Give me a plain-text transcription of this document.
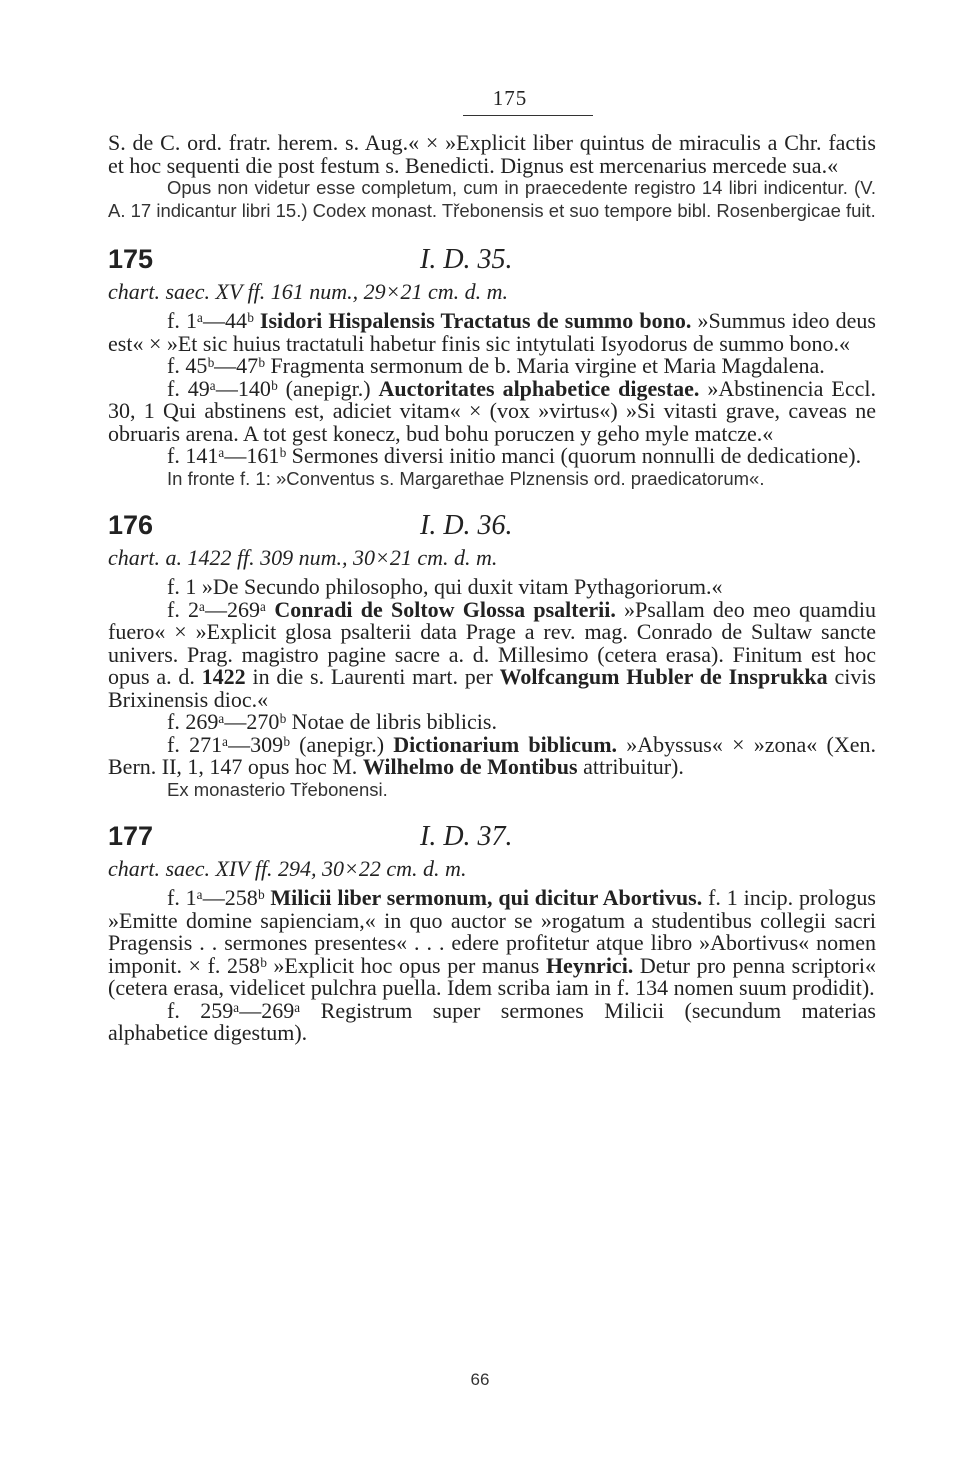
175

S. de C. ord. fratr. herem. s. Aug.« × »Explicit liber quintus de miraculis a Chr. factis et hoc sequenti die post festum s. Benedicti. Dignus est mercenarius mercede sua.«

Opus non videtur esse completum, cum in praecedente registro 14 libri indicentur. (V. A. 17 indicantur libri 15.) Codex monast. Třebonensis et suo tempore bibl. Rosenbergicae fuit.

175	I. D. 35.

chart. saec. XV ff. 161 num., 29×21 cm. d. m.

f. 1ᵃ—44ᵇ Isidori Hispalensis Tractatus de summo bono. »Summus ideo deus est« × »Et sic huius tractatuli habetur finis sic intytulati Isyodorus de summo bono.«

f. 45ᵇ—47ᵇ Fragmenta sermonum de b. Maria virgine et Maria Magdalena.

f. 49ᵃ—140ᵇ (anepigr.) Auctoritates alphabetice digestae. »Abstinencia Eccl. 30, 1 Qui abstinens est, adiciet vitam« × (vox »virtus«) »Si vitasti grave, caveas ne obruaris arena. A tot gest konecz, bud bohu poruczen y geho myle matcze.«

f. 141ᵃ—161ᵇ Sermones diversi initio manci (quorum nonnulli de dedicatione).

In fronte f. 1: »Conventus s. Margarethae Plznensis ord. praedicatorum«.

176	I. D. 36.

chart. a. 1422 ff. 309 num., 30×21 cm. d. m.

f. 1 »De Secundo philosopho, qui duxit vitam Pythagoriorum.«

f. 2ᵃ—269ᵃ Conradi de Soltow Glossa psalterii. »Psallam deo meo quamdiu fuero« × »Explicit glosa psalterii data Prage a rev. mag. Conrado de Sultaw sancte univers. Prag. magistro pagine sacre a. d. Millesimo (cetera erasa). Finitum est hoc opus a. d. 1422 in die s. Laurenti mart. per Wolfcangum Hubler de Insprukka civis Brixinensis dioc.«

f. 269ᵃ—270ᵇ Notae de libris biblicis.

f. 271ᵃ—309ᵇ (anepigr.) Dictionarium biblicum. »Abyssus« × »zona« (Xen. Bern. II, 1, 147 opus hoc M. Wilhelmo de Montibus attribuitur).

Ex monasterio Třebonensi.

177	I. D. 37.

chart. saec. XIV ff. 294, 30×22 cm. d. m.

f. 1ᵃ—258ᵇ Milicii liber sermonum, qui dicitur Abortivus. f. 1 incip. prologus »Emitte domine sapienciam,« in quo auctor se »rogatum a studentibus collegii sacri Pragensis . . sermones presentes« . . . edere profitetur atque libro »Abortivus« nomen imponit. × f. 258ᵇ »Explicit hoc opus per manus Heynrici. Detur pro penna scriptori« (cetera erasa, videlicet pulchra puella. Idem scriba iam in f. 134 nomen suum prodidit).

f. 259ᵃ—269ᵃ Registrum super sermones Milicii (secundum materias alphabetice digestum).

66
